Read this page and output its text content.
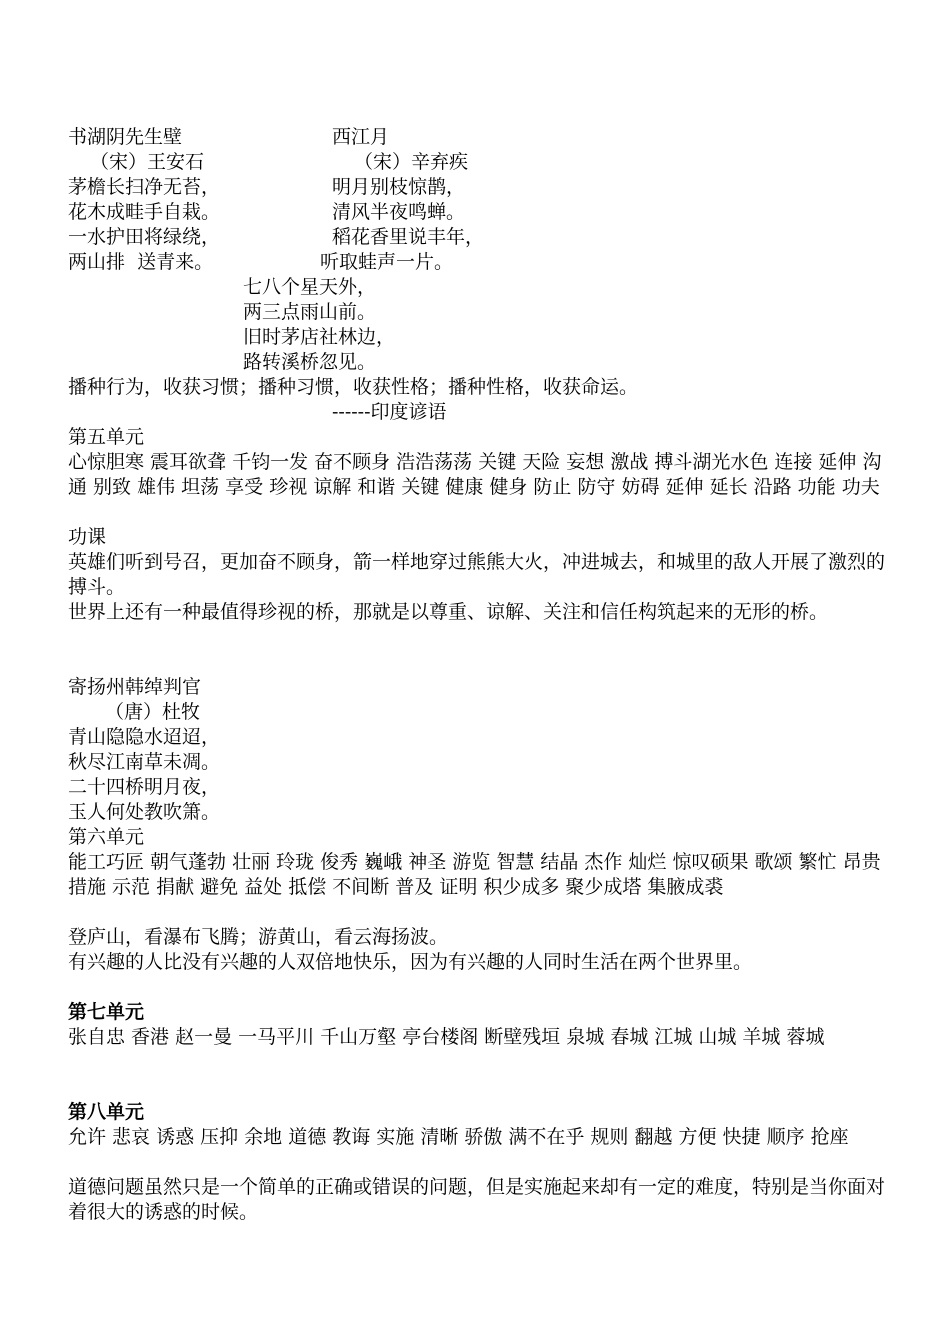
书湖阴先生壁
（宋）王安石
茅檐长扫净无苔，
花木成畦手自栽。
一水护田将绿绕，
两山排  送青来。
西江月
（宋）辛弃疾
明月别枝惊鹊，
清风半夜鸣蝉。
稻花香里说丰年，
听取蛙声一片。
七八个星天外，
两三点雨山前。
旧时茅店社林边，
路转溪桥忽见。
播种行为，收获习惯；播种习惯，收获性格；播种性格，收获命运。
------印度谚语
第五单元
心惊胆寒 震耳欲聋 千钧一发 奋不顾身 浩浩荡荡 关键 天险 妄想 激战 搏斗湖光水色 连接 延伸 沟通 别致 雄伟 坦荡 享受 珍视 谅解 和谐 关键 健康 健身 防止 防守 妨碍 延伸 延长 沿路 功能 功夫
功课
英雄们听到号召，更加奋不顾身，箭一样地穿过熊熊大火，冲进城去，和城里的敌人开展了激烈的搏斗。
世界上还有一种最值得珍视的桥，那就是以尊重、谅解、关注和信任构筑起来的无形的桥。
寄扬州韩绰判官
（唐）杜牧
青山隐隐水迢迢，
秋尽江南草未凋。
二十四桥明月夜，
玉人何处教吹箫。
第六单元
能工巧匠 朝气蓬勃 壮丽 玲珑 俊秀 巍峨 神圣 游览 智慧 结晶 杰作 灿烂 惊叹硕果 歌颂 繁忙 昂贵 措施 示范 捐献 避免 益处 抵偿 不间断 普及 证明 积少成多 聚少成塔 集腋成裘
登庐山，看瀑布飞腾；游黄山，看云海扬波。
有兴趣的人比没有兴趣的人双倍地快乐，因为有兴趣的人同时生活在两个世界里。
第七单元
张自忠 香港 赵一曼 一马平川 千山万壑 亭台楼阁 断壁残垣 泉城 春城 江城 山城 羊城 蓉城
第八单元
允许 悲哀 诱惑 压抑 余地 道德 教诲 实施 清晰 骄傲 满不在乎 规则 翻越 方便 快捷 顺序 抢座
道德问题虽然只是一个简单的正确或错误的问题，但是实施起来却有一定的难度，特别是当你面对着很大的诱惑的时候。
